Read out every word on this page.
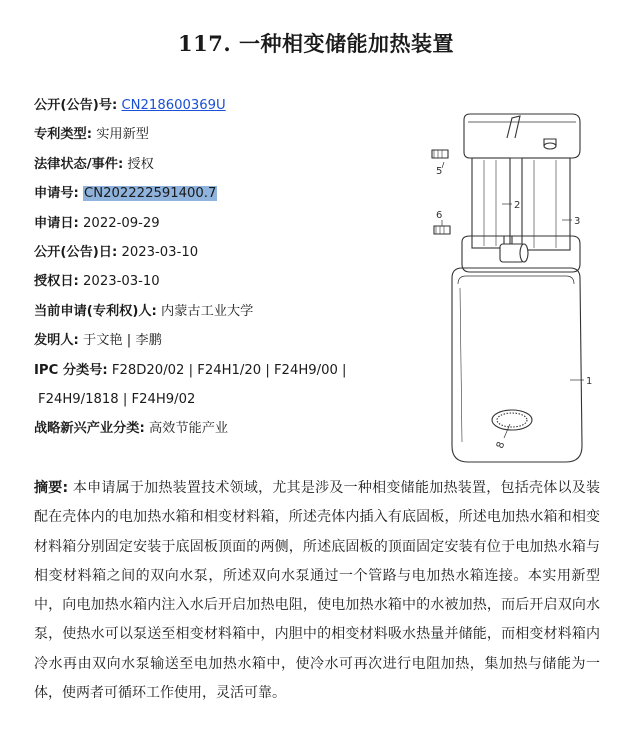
117. 一种相变储能加热装置
公开(公告)号: CN218600369U
专利类型: 实用新型
法律状态/事件: 授权
申请号: CN202222591400.7
申请日: 2022-09-29
公开(公告)日: 2023-03-10
授权日: 2023-03-10
当前申请(专利权)人: 内蒙古工业大学
发明人: 于文艳 | 李鹏
IPC 分类号: F28D20/02 | F24H1/20 | F24H9/00 |
F24H9/1818 | F24H9/02
战略新兴产业分类: 高效节能产业
1
2
3
5
6
8
摘要: 本申请属于加热装置技术领域，尤其是涉及一种相变储能加热装置，包括壳体以及装配在壳体内的电加热水箱和相变材料箱，所述壳体内插入有底固板，所述电加热水箱和相变材料箱分别固定安装于底固板顶面的两侧，所述底固板的顶面固定安装有位于电加热水箱与相变材料箱之间的双向水泵，所述双向水泵通过一个管路与电加热水箱连接。本实用新型中，向电加热水箱内注入水后开启加热电阻，使电加热水箱中的水被加热，而后开启双向水泵，使热水可以泵送至相变材料箱中，内胆中的相变材料吸水热量并储能，而相变材料箱内冷水再由双向水泵输送至电加热水箱中，使冷水可再次进行电阻加热，集加热与储能为一体，使两者可循环工作使用，灵活可靠。
